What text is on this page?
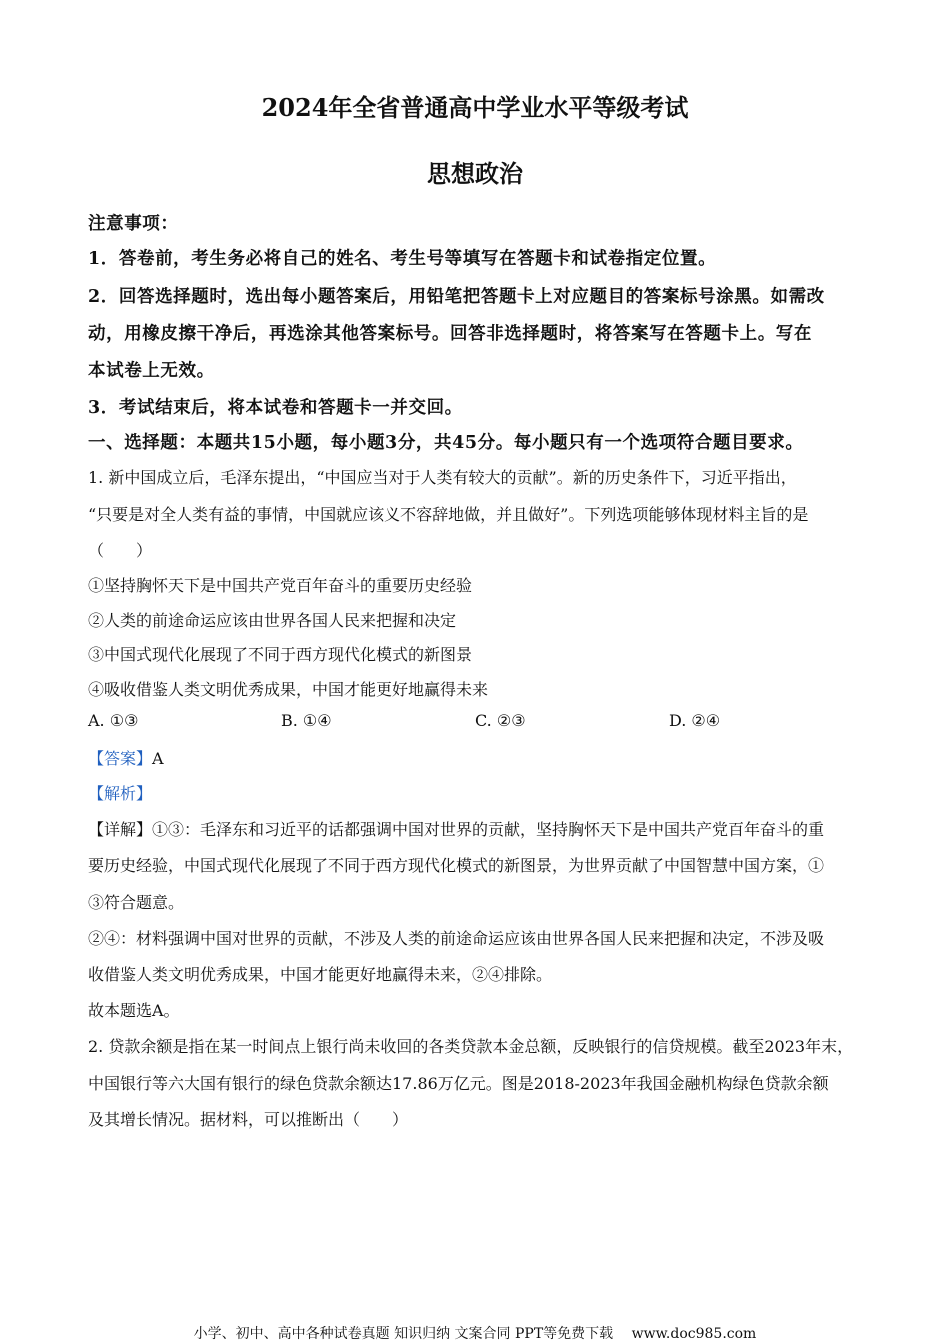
2024年全省普通高中学业水平等级考试
思想政治
注意事项：
1．答卷前，考生务必将自己的姓名、考生号等填写在答题卡和试卷指定位置。
2．回答选择题时，选出每小题答案后，用铅笔把答题卡上对应题目的答案标号涂黑。如需改
动，用橡皮擦干净后，再选涂其他答案标号。回答非选择题时，将答案写在答题卡上。写在
本试卷上无效。
3．考试结束后，将本试卷和答题卡一并交回。
一、选择题：本题共15小题，每小题3分，共45分。每小题只有一个选项符合题目要求。
1. 新中国成立后，毛泽东提出，“中国应当对于人类有较大的贡献”。新的历史条件下，习近平指出，
“只要是对全人类有益的事情，中国就应该义不容辞地做，并且做好”。下列选项能够体现材料主旨的是
（　　）
①坚持胸怀天下是中国共产党百年奋斗的重要历史经验
②人类的前途命运应该由世界各国人民来把握和决定
③中国式现代化展现了不同于西方现代化模式的新图景
④吸收借鉴人类文明优秀成果，中国才能更好地赢得未来
A. ①③	B. ①④	C. ②③	D. ②④
【答案】A
【解析】
【详解】①③：毛泽东和习近平的话都强调中国对世界的贡献，坚持胸怀天下是中国共产党百年奋斗的重
要历史经验，中国式现代化展现了不同于西方现代化模式的新图景，为世界贡献了中国智慧中国方案，①
③符合题意。
②④：材料强调中国对世界的贡献，不涉及人类的前途命运应该由世界各国人民来把握和决定，不涉及吸
收借鉴人类文明优秀成果，中国才能更好地赢得未来，②④排除。
故本题选A。
2. 贷款余额是指在某一时间点上银行尚未收回的各类贷款本金总额，反映银行的信贷规模。截至2023年末，
中国银行等六大国有银行的绿色贷款余额达17.86万亿元。图是2018-2023年我国金融机构绿色贷款余额
及其增长情况。据材料，可以推断出（　　）
小学、初中、高中各种试卷真题 知识归纳 文案合同 PPT等免费下载　 www.doc985.com
